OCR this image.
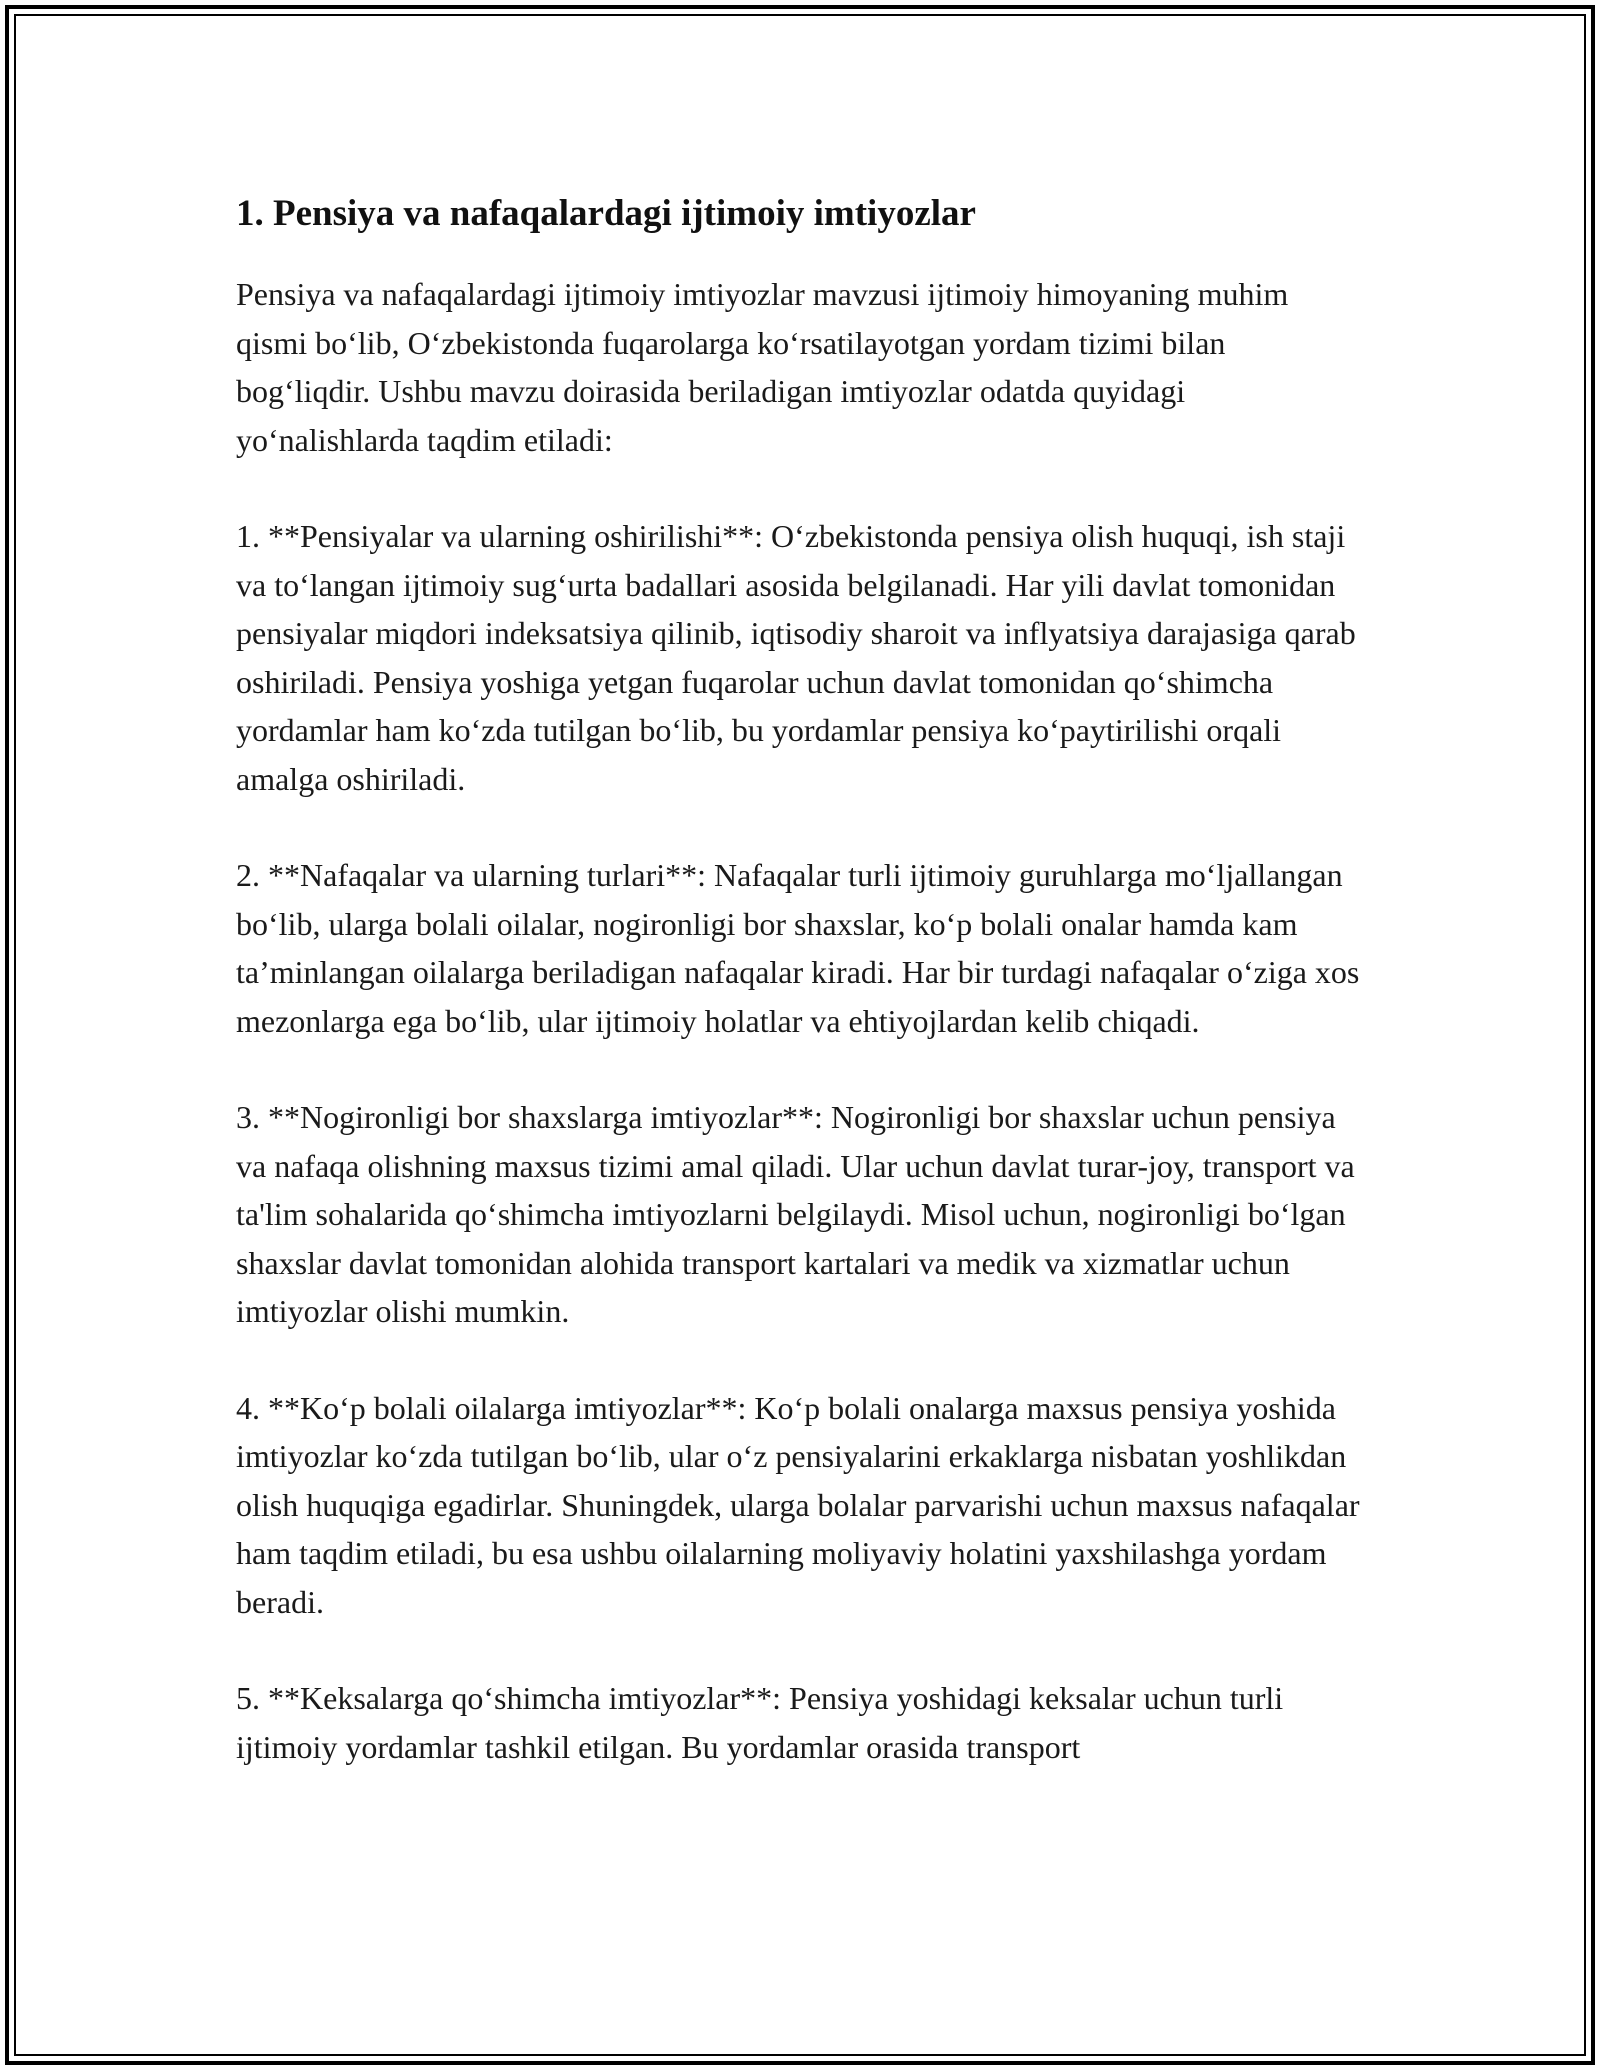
1. Pensiya va nafaqalardagi ijtimoiy imtiyozlar

Pensiya va nafaqalardagi ijtimoiy imtiyozlar mavzusi ijtimoiy himoyaning muhim qismi bo‘lib, O‘zbekistonda fuqarolarga ko‘rsatilayotgan yordam tizimi bilan bog‘liqdir. Ushbu mavzu doirasida beriladigan imtiyozlar odatda quyidagi yo‘nalishlarda taqdim etiladi:

1. **Pensiyalar va ularning oshirilishi**: O‘zbekistonda pensiya olish huquqi, ish staji va to‘langan ijtimoiy sug‘urta badallari asosida belgilanadi. Har yili davlat tomonidan pensiyalar miqdori indeksatsiya qilinib, iqtisodiy sharoit va inflyatsiya darajasiga qarab oshiriladi. Pensiya yoshiga yetgan fuqarolar uchun davlat tomonidan qo‘shimcha yordamlar ham ko‘zda tutilgan bo‘lib, bu yordamlar pensiya ko‘paytirilishi orqali amalga oshiriladi.

2. **Nafaqalar va ularning turlari**: Nafaqalar turli ijtimoiy guruhlarga mo‘ljallangan bo‘lib, ularga bolali oilalar, nogironligi bor shaxslar, ko‘p bolali onalar hamda kam ta’minlangan oilalarga beriladigan nafaqalar kiradi. Har bir turdagi nafaqalar o‘ziga xos mezonlarga ega bo‘lib, ular ijtimoiy holatlar va ehtiyojlardan kelib chiqadi.

3. **Nogironligi bor shaxslarga imtiyozlar**: Nogironligi bor shaxslar uchun pensiya va nafaqa olishning maxsus tizimi amal qiladi. Ular uchun davlat turar-joy, transport va ta'lim sohalarida qo‘shimcha imtiyozlarni belgilaydi. Misol uchun, nogironligi bo‘lgan shaxslar davlat tomonidan alohida transport kartalari va medik va xizmatlar uchun imtiyozlar olishi mumkin.

4. **Ko‘p bolali oilalarga imtiyozlar**: Ko‘p bolali onalarga maxsus pensiya yoshida imtiyozlar ko‘zda tutilgan bo‘lib, ular o‘z pensiyalarini erkaklarga nisbatan yoshlikdan olish huquqiga egadirlar. Shuningdek, ularga bolalar parvarishi uchun maxsus nafaqalar ham taqdim etiladi, bu esa ushbu oilalarning moliyaviy holatini yaxshilashga yordam beradi.

5. **Keksalarga qo‘shimcha imtiyozlar**: Pensiya yoshidagi keksalar uchun turli ijtimoiy yordamlar tashkil etilgan. Bu yordamlar orasida transport
